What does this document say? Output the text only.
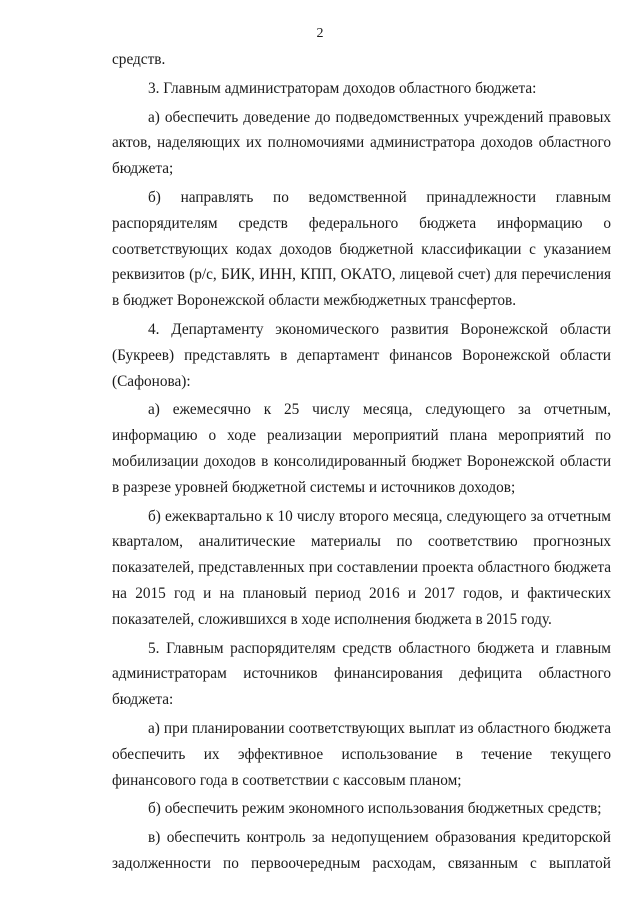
2

средств.

3. Главным администраторам доходов областного бюджета:

а) обеспечить доведение до подведомственных учреждений правовых актов, наделяющих их полномочиями администратора доходов областного бюджета;

б) направлять по ведомственной принадлежности главным распорядителям средств федерального бюджета информацию о соответствующих кодах доходов бюджетной классификации с указанием реквизитов (р/с, БИК, ИНН, КПП, ОКАТО, лицевой счет) для перечисления в бюджет Воронежской области межбюджетных трансфертов.

4. Департаменту экономического развития Воронежской области (Букреев) представлять в департамент финансов Воронежской области (Сафонова):

а) ежемесячно к 25 числу месяца, следующего за отчетным, информацию о ходе реализации мероприятий плана мероприятий по мобилизации доходов в консолидированный бюджет Воронежской области в разрезе уровней бюджетной системы и источников доходов;

б) ежеквартально к 10 числу второго месяца, следующего за отчетным кварталом, аналитические материалы по соответствию прогнозных показателей, представленных при составлении проекта областного бюджета на 2015 год и на плановый период 2016 и 2017 годов, и фактических показателей, сложившихся в ходе исполнения бюджета в 2015 году.

5. Главным распорядителям средств областного бюджета и главным администраторам источников финансирования дефицита областного бюджета:

а) при планировании соответствующих выплат из областного бюджета обеспечить их эффективное использование в течение текущего финансового года в соответствии с кассовым планом;

б) обеспечить режим экономного использования бюджетных средств;

в) обеспечить контроль за недопущением образования кредиторской задолженности по первоочередным расходам, связанным с выплатой
